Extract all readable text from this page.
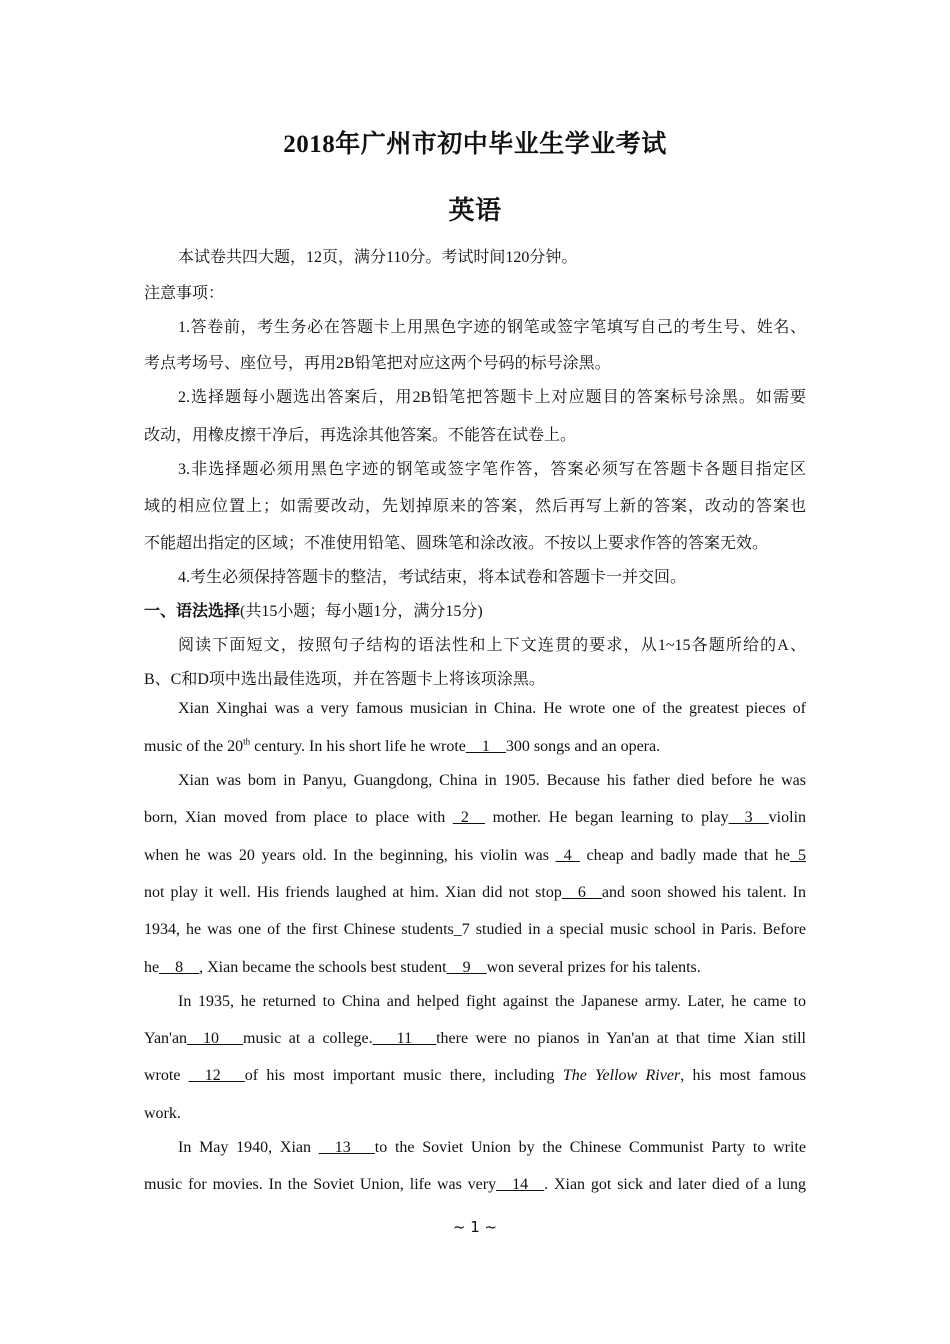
2018年广州市初中毕业生学业考试
英语
本试卷共四大题，12页，满分110分。考试时间120分钟。
注意事项：
1.答卷前，考生务必在答题卡上用黑色字迹的钢笔或签字笔填写自己的考生号、姓名、
考点考场号、座位号，再用2B铅笔把对应这两个号码的标号涂黑。
2.选择题每小题选出答案后，用2B铅笔把答题卡上对应题目的答案标号涂黑。如需要
改动，用橡皮擦干净后，再选涂其他答案。不能答在试卷上。
3.非选择题必须用黑色字迹的钢笔或签字笔作答，答案必须写在答题卡各题目指定区
域的相应位置上；如需要改动，先划掉原来的答案，然后再写上新的答案，改动的答案也
不能超出指定的区域；不准使用铅笔、圆珠笔和涂改液。不按以上要求作答的答案无效。
4.考生必须保持答题卡的整洁，考试结束，将本试卷和答题卡一并交回。
一、语法选择(共15小题；每小题1分，满分15分)
阅读下面短文，按照句子结构的语法性和上下文连贯的要求，从1~15各题所给的A、
B、C和D项中选出最佳选项，并在答题卡上将该项涂黑。
Xian Xinghai was a very famous musician in China. He wrote one of the greatest pieces of
music of the 20th century. In his short life he wrote__1__300 songs and an opera.
Xian was bom in Panyu, Guangdong, China in 1905. Because his father died before he was
born, Xian moved from place to place with _2__ mother. He began learning to play__3__violin
when he was 20 years old. In the beginning, his violin was _4_ cheap and badly made that he_5
not play it well. His friends laughed at him. Xian did not stop__6__and soon showed his talent. In
1934, he was one of the first Chinese students_7 studied in a special music school in Paris. Before
he__8__, Xian became the schools best student__9__won several prizes for his talents.
In 1935, he returned to China and helped fight against the Japanese army. Later, he came to
Yan'an__10___music at a college.___11___there were no pianos in Yan'an at that time Xian still
wrote __12___of his most important music there, including The Yellow River, his most famous
work.
In May 1940, Xian __13___to the Soviet Union by the Chinese Communist Party to write
music for movies. In the Soviet Union, life was very__14__. Xian got sick and later died of a lung
~ 1 ~
